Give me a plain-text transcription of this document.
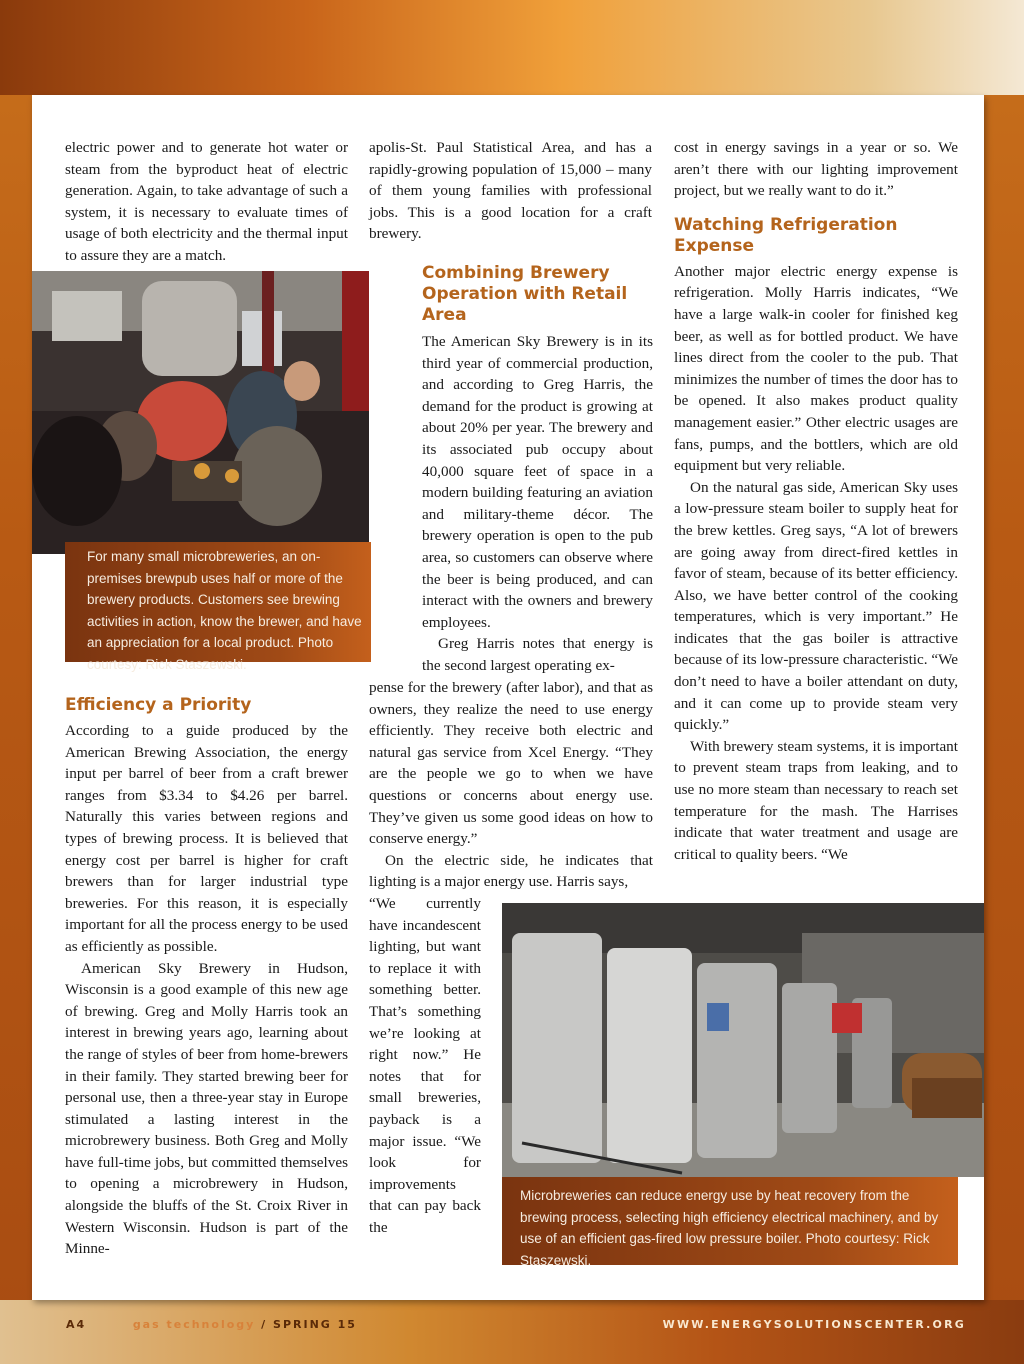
electric power and to generate hot water or steam from the byproduct heat of electric generation. Again, to take advantage of such a system, it is necessary to evaluate times of usage of both electricity and the thermal input to assure they are a match.

For many small microbreweries, an on-premises brewpub uses half or more of the brewery products. Customers see brewing activities in action, know the brewer, and have an appreciation for a local product. Photo courtesy: Rick Staszewski.

Efficiency a Priority

According to a guide produced by the American Brewing Association, the energy input per barrel of beer from a craft brewer ranges from $3.34 to $4.26 per barrel. Naturally this varies between regions and types of brewing process. It is believed that energy cost per barrel is higher for craft brewers than for larger industrial type breweries. For this reason, it is especially important for all the process energy to be used as efficiently as possible.

American Sky Brewery in Hudson, Wisconsin is a good example of this new age of brewing. Greg and Molly Harris took an interest in brewing years ago, learning about the range of styles of beer from home-brewers in their family. They started brewing beer for personal use, then a three-year stay in Europe stimulated a lasting interest in the microbrewery business. Both Greg and Molly have full-time jobs, but committed themselves to opening a microbrewery in Hudson, alongside the bluffs of the St. Croix River in Western Wisconsin. Hudson is part of the Minne-

apolis-St. Paul Statistical Area, and has a rapidly-growing population of 15,000 – many of them young families with professional jobs. This is a good location for a craft brewery.

Combining Brewery Operation with Retail Area

The American Sky Brewery is in its third year of commercial production, and according to Greg Harris, the demand for the product is growing at about 20% per year. The brewery and its associated pub occupy about 40,000 square feet of space in a modern building featuring an aviation and military-theme décor. The brewery operation is open to the pub area, so customers can observe where the beer is being produced, and can interact with the owners and brewery employees.

Greg Harris notes that energy is the second largest operating ex-

pense for the brewery (after labor), and that as owners, they realize the need to use energy efficiently. They receive both electric and natural gas service from Xcel Energy. “They are the people we go to when we have questions or concerns about energy use. They’ve given us some good ideas on how to conserve energy.”

On the electric side, he indicates that lighting is a major energy use. Harris says,

“We currently have incandescent lighting, but want to replace it with something better. That’s something we’re looking at right now.” He notes that for small breweries, payback is a major issue. “We look for improvements that can pay back the

cost in energy savings in a year or so. We aren’t there with our lighting improvement project, but we really want to do it.”

Watching Refrigeration Expense

Another major electric energy expense is refrigeration. Molly Harris indicates, “We have a large walk-in cooler for finished keg beer, as well as for bottled product. We have lines direct from the cooler to the pub. That minimizes the number of times the door has to be opened. It also makes product quality management easier.” Other electric usages are fans, pumps, and the bottlers, which are old equipment but very reliable.

On the natural gas side, American Sky uses a low-pressure steam boiler to supply heat for the brew kettles. Greg says, “A lot of brewers are going away from direct-fired kettles in favor of steam, because of its better efficiency. Also, we have better control of the cooking temperatures, which is very important.” He indicates that the gas boiler is attractive because of its low-pressure characteristic. “We don’t need to have a boiler attendant on duty, and it can come up to provide steam very quickly.”

With brewery steam systems, it is important to prevent steam traps from leaking, and to use no more steam than necessary to reach set temperature for the mash. The Harrises indicate that water treatment and usage are critical to quality beers. “We

Microbreweries can reduce energy use by heat recovery from the brewing process, selecting high efficiency electrical machinery, and by use of an efficient gas-fired low pressure boiler. Photo courtesy: Rick Staszewski.
A4	gas technology / SPRING 15	WWW.ENERGYSOLUTIONSCENTER.ORG
